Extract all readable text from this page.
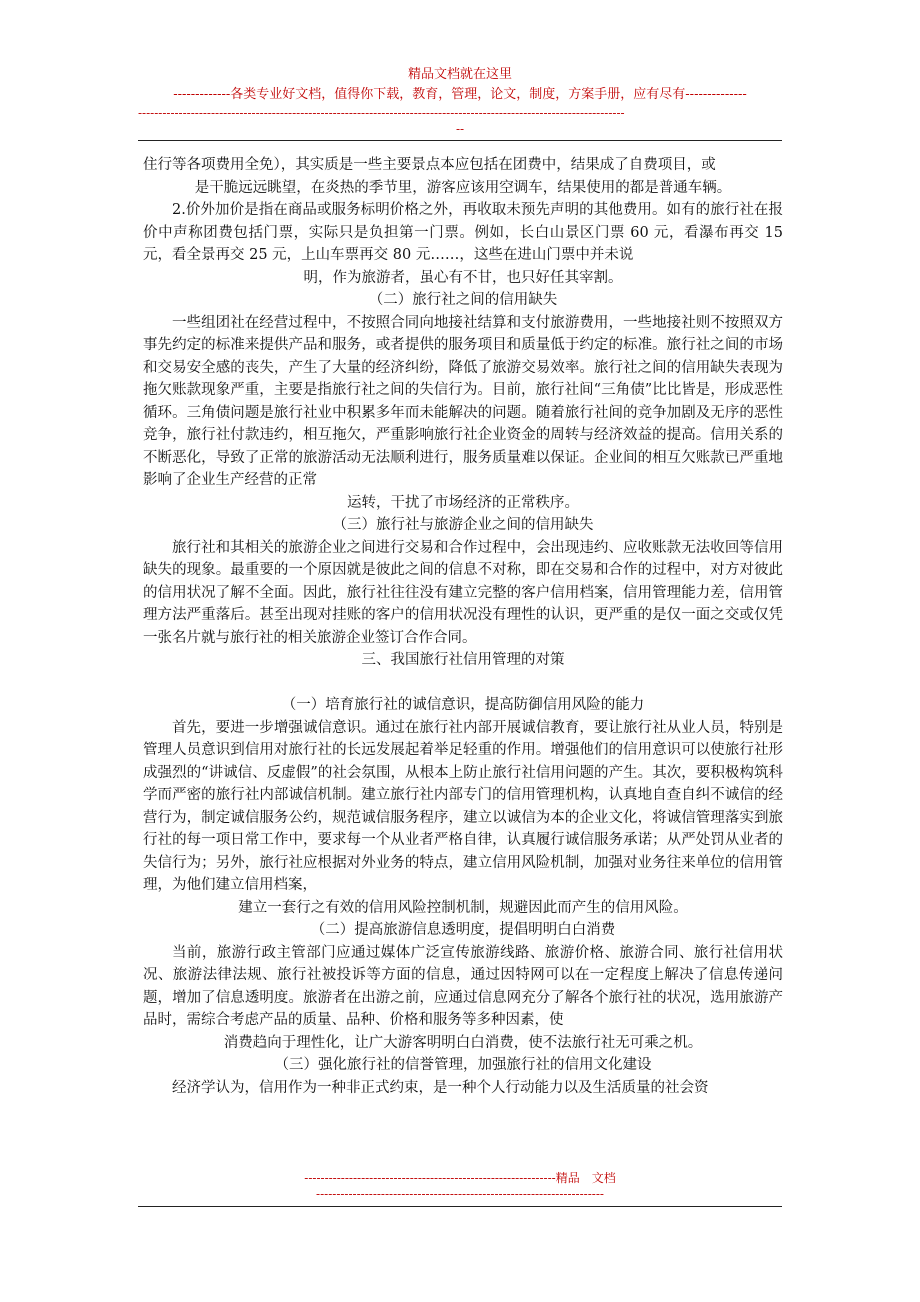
精品文档就在这里
-------------各类专业好文档，值得你下载，教育，管理，论文，制度，方案手册，应有尽有--------------
------------------------------------------------------------------------------------------------------------------------
--

住行等各项费用全免），其实质是一些主要景点本应包括在团费中，结果成了自费项目，或

是干脆远远眺望，在炎热的季节里，游客应该用空调车，结果使用的都是普通车辆。

2.价外加价是指在商品或服务标明价格之外，再收取未预先声明的其他费用。如有的旅行社在报价中声称团费包括门票，实际只是负担第一门票。例如，长白山景区门票 60 元，看瀑布再交 15 元，看全景再交 25 元，上山车票再交 80 元……，这些在进山门票中并未说

明，作为旅游者，虽心有不甘，也只好任其宰割。

（二）旅行社之间的信用缺失

一些组团社在经营过程中，不按照合同向地接社结算和支付旅游费用，一些地接社则不按照双方事先约定的标准来提供产品和服务，或者提供的服务项目和质量低于约定的标准。旅行社之间的市场和交易安全感的丧失，产生了大量的经济纠纷，降低了旅游交易效率。旅行社之间的信用缺失表现为拖欠账款现象严重，主要是指旅行社之间的失信行为。目前，旅行社间“三角债”比比皆是，形成恶性循环。三角债问题是旅行社业中积累多年而未能解决的问题。随着旅行社间的竞争加剧及无序的恶性竞争，旅行社付款违约，相互拖欠，严重影响旅行社企业资金的周转与经济效益的提高。信用关系的不断恶化，导致了正常的旅游活动无法顺利进行，服务质量难以保证。企业间的相互欠账款已严重地影响了企业生产经营的正常

运转，干扰了市场经济的正常秩序。

（三）旅行社与旅游企业之间的信用缺失

旅行社和其相关的旅游企业之间进行交易和合作过程中，会出现违约、应收账款无法收回等信用缺失的现象。最重要的一个原因就是彼此之间的信息不对称，即在交易和合作的过程中，对方对彼此的信用状况了解不全面。因此，旅行社往往没有建立完整的客户信用档案，信用管理能力差，信用管理方法严重落后。甚至出现对挂账的客户的信用状况没有理性的认识，更严重的是仅一面之交或仅凭一张名片就与旅行社的相关旅游企业签订合作合同。

三、我国旅行社信用管理的对策

（一）培育旅行社的诚信意识，提高防御信用风险的能力

首先，要进一步增强诚信意识。通过在旅行社内部开展诚信教育，要让旅行社从业人员，特别是管理人员意识到信用对旅行社的长远发展起着举足轻重的作用。增强他们的信用意识可以使旅行社形成强烈的“讲诚信、反虚假”的社会氛围，从根本上防止旅行社信用问题的产生。其次，要积极构筑科学而严密的旅行社内部诚信机制。建立旅行社内部专门的信用管理机构，认真地自查自纠不诚信的经营行为，制定诚信服务公约，规范诚信服务程序，建立以诚信为本的企业文化，将诚信管理落实到旅行社的每一项日常工作中，要求每一个从业者严格自律，认真履行诚信服务承诺；从严处罚从业者的失信行为；另外，旅行社应根据对外业务的特点，建立信用风险机制，加强对业务往来单位的信用管理，为他们建立信用档案，

建立一套行之有效的信用风险控制机制，规避因此而产生的信用风险。

（二）提高旅游信息透明度，提倡明明白白消费

当前，旅游行政主管部门应通过媒体广泛宣传旅游线路、旅游价格、旅游合同、旅行社信用状况、旅游法律法规、旅行社被投诉等方面的信息，通过因特网可以在一定程度上解决了信息传递问题，增加了信息透明度。旅游者在出游之前，应通过信息网充分了解各个旅行社的状况，选用旅游产品时，需综合考虑产品的质量、品种、价格和服务等多种因素，使

消费趋向于理性化，让广大游客明明白白消费，使不法旅行社无可乘之机。

（三）强化旅行社的信誉管理，加强旅行社的信用文化建设

经济学认为，信用作为一种非正式约束，是一种个人行动能力以及生活质量的社会资

--------------------------------------------------------------精品　文档
-----------------------------------------------------------------------
